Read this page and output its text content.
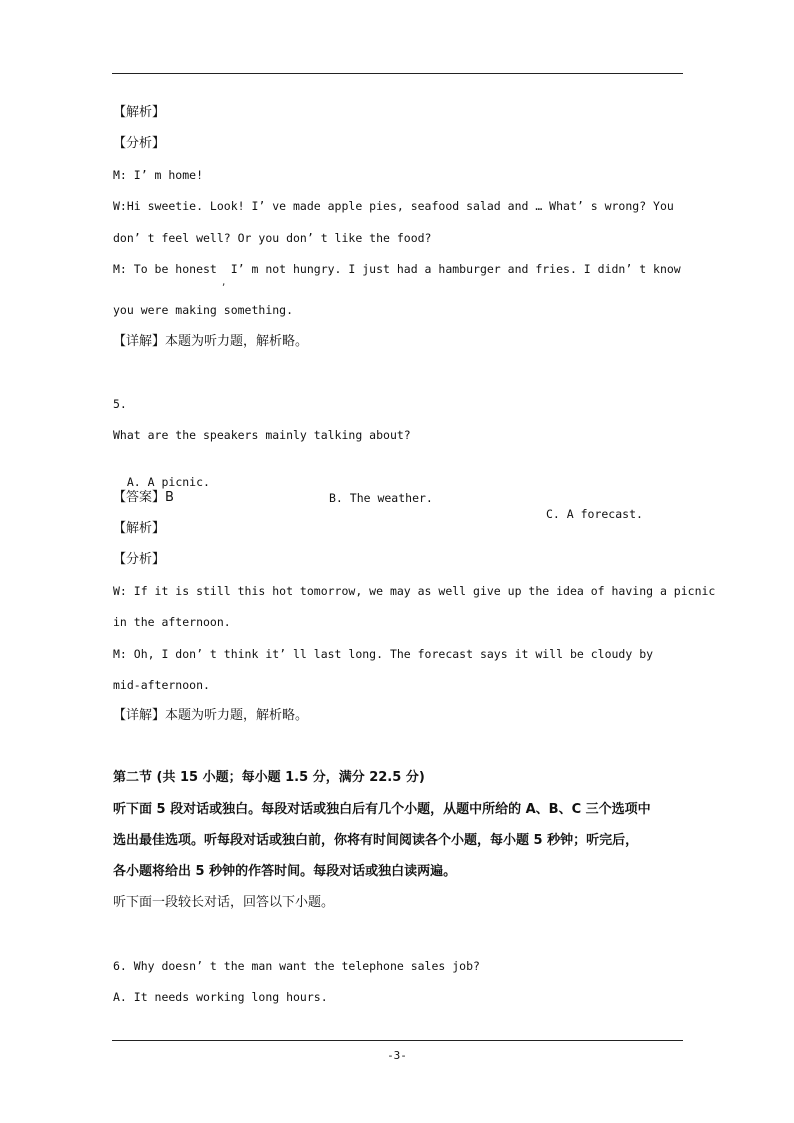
【解析】
【分析】
M: I’ m home!
W:Hi sweetie. Look! I’ ve made apple pies, seafood salad and … What’ s wrong? You
don’ t feel well? Or you don’ t like the food?
M: To be honest  I’ m not hungry. I just had a hamburger and fries. I didn’ t know
,
you were making something.
【详解】本题为听力题，解析略。
5.
What are the speakers mainly talking about?

A. A picnic.

B. The weather.

C. A forecast.

【答案】B
【解析】
【分析】
W: If it is still this hot tomorrow, we may as well give up the idea of having a picnic
in the afternoon.
M: Oh, I don’ t think it’ ll last long. The forecast says it will be cloudy by
mid-afternoon.
【详解】本题为听力题，解析略。
第二节 (共 15 小题；每小题 1.5 分，满分 22.5 分)
听下面 5 段对话或独白。每段对话或独白后有几个小题，从题中所给的 A、B、C 三个选项中
选出最佳选项。听每段对话或独白前，你将有时间阅读各个小题，每小题 5 秒钟；听完后，
各小题将给出 5 秒钟的作答时间。每段对话或独白读两遍。
听下面一段较长对话，回答以下小题。
6. Why doesn’ t the man want the telephone sales job?
A. It needs working long hours.
-3-
